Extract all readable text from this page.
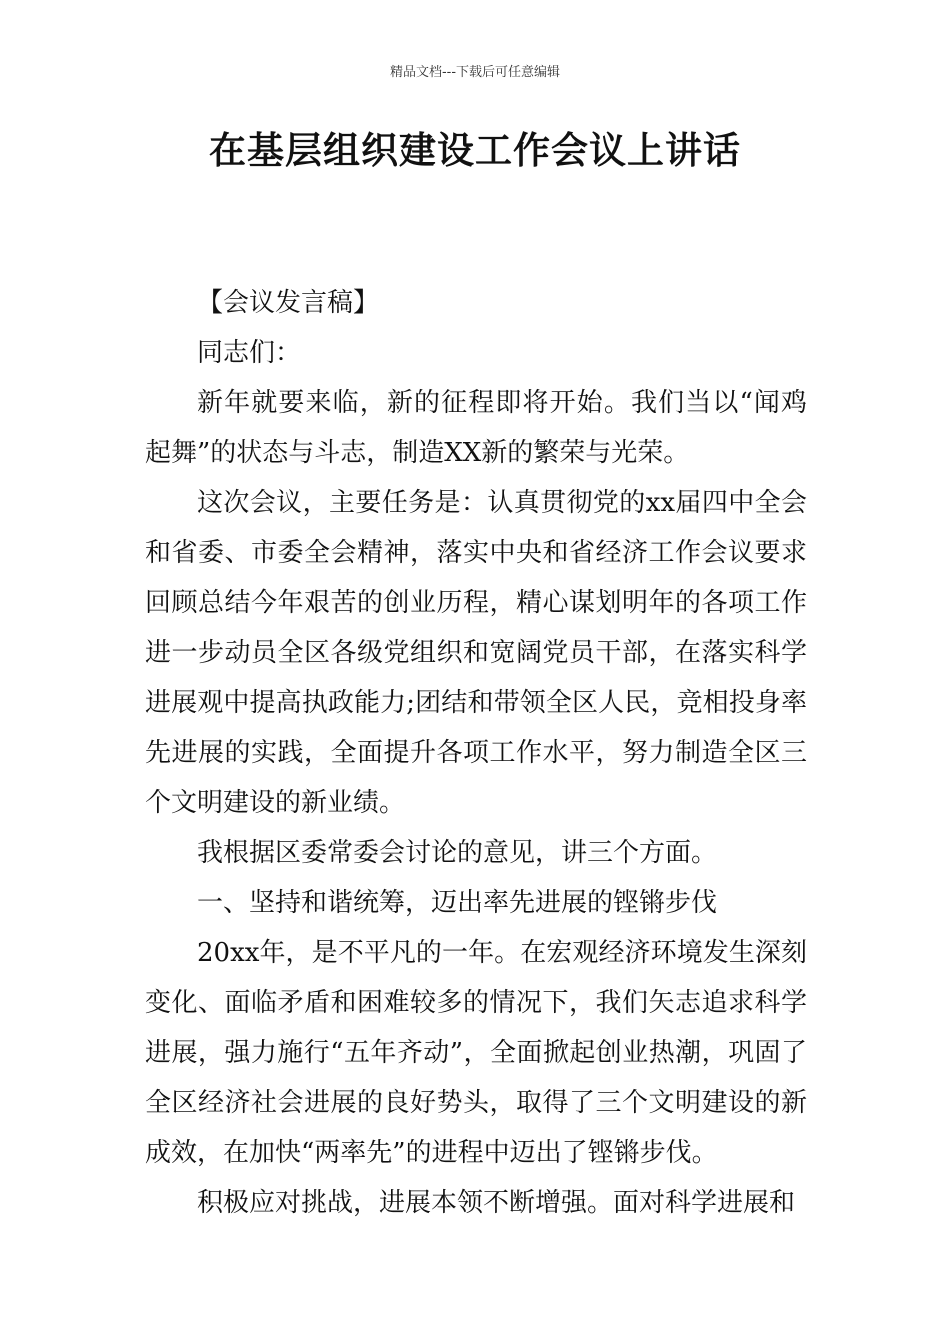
精品文档---下载后可任意编辑
在基层组织建设工作会议上讲话

【会议发言稿】

同志们：

新年就要来临，新的征程即将开始。我们当以“闻鸡起舞”的状态与斗志，制造XX新的繁荣与光荣。

这次会议，主要任务是：认真贯彻党的xx届四中全会和省委、市委全会精神，落实中央和省经济工作会议要求回顾总结今年艰苦的创业历程，精心谋划明年的各项工作进一步动员全区各级党组织和宽阔党员干部，在落实科学进展观中提高执政能力;团结和带领全区人民，竞相投身率先进展的实践，全面提升各项工作水平，努力制造全区三个文明建设的新业绩。

我根据区委常委会讨论的意见，讲三个方面。

一、坚持和谐统筹，迈出率先进展的铿锵步伐

20xx年，是不平凡的一年。在宏观经济环境发生深刻变化、面临矛盾和困难较多的情况下，我们矢志追求科学进展，强力施行“五年齐动”，全面掀起创业热潮，巩固了全区经济社会进展的良好势头，取得了三个文明建设的新成效，在加快“两率先”的进程中迈出了铿锵步伐。

积极应对挑战，进展本领不断增强。面对科学进展和
